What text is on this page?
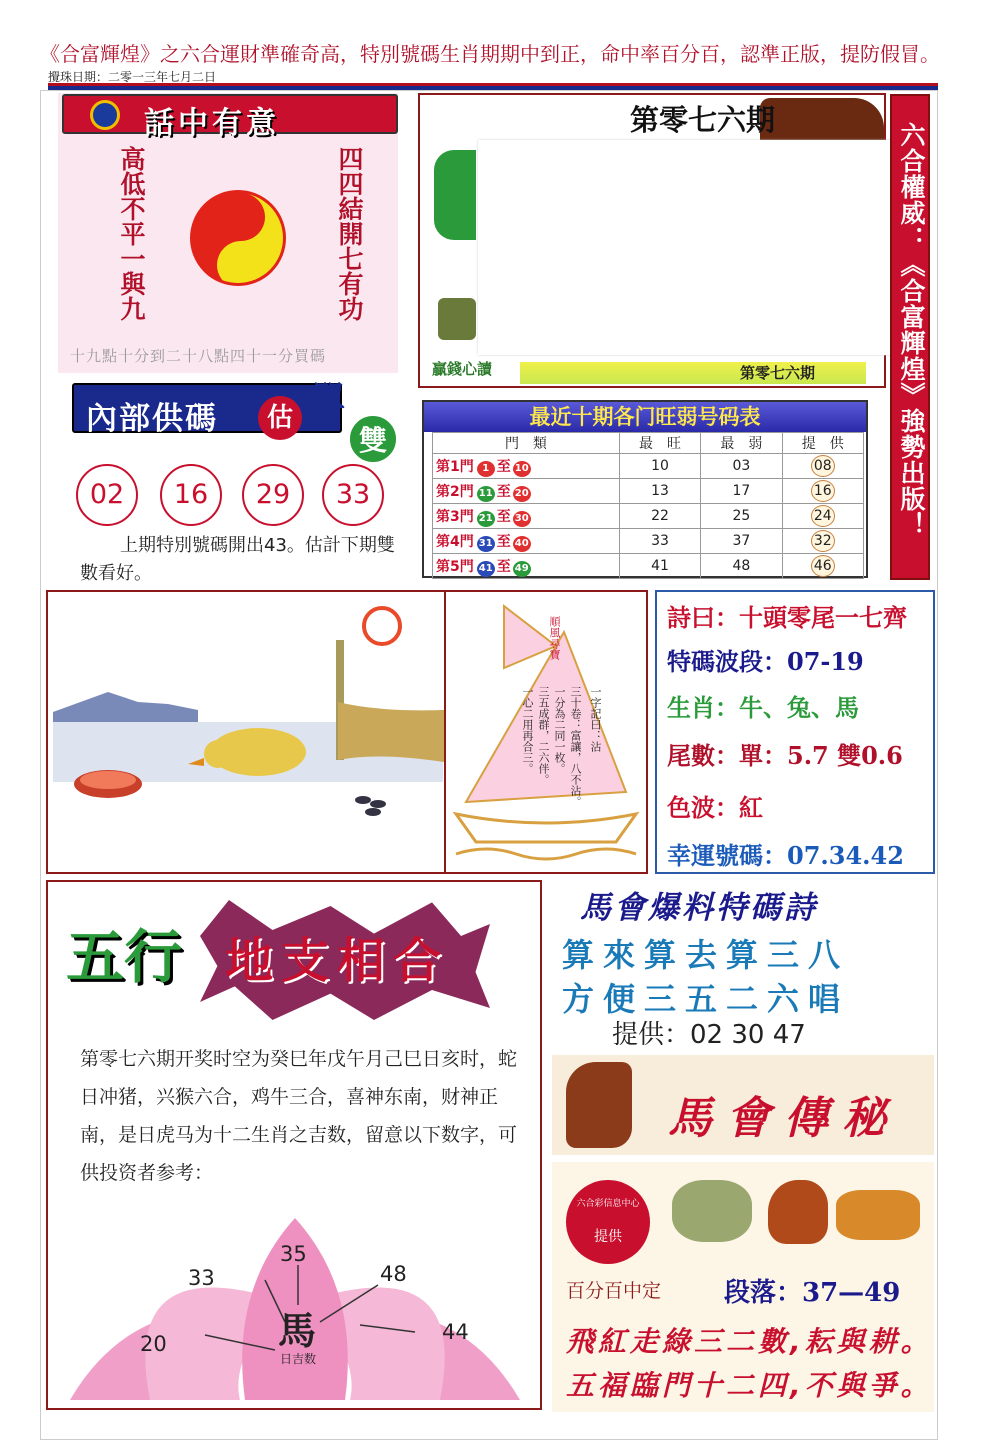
《合富輝煌》之六合運財準確奇高，特別號碼生肖期期中到正，命中率百分百，認準正版，提防假冒。
攪珠日期：二零一三年七月二日
話中有意
高低不平一與九	四四結開七有功
十九點十分到二十八點四十一分買碼
第零七六期
贏錢心讀	第零七六期	六合權威：《合富輝煌》強勢出版！
內部供碼	估 單
雙
02	16	29	33
上期特別號碼開出43。估計下期雙數看好。
最近十期各门旺弱号码表
門　類	最　旺	最　弱	提　供
第1門 1 至 10	10	03	08
第2門 11 至 20	13	17	16
第3門 21 至 30	22	25	24
第4門 31 至 40	33	37	32
第5門 41 至 49	41	48	46
順風尋寶
一字記曰：沾
三十卷：富讓，八不沾。
一分為二同一枚。
三五成群，二六伴。
一心二用再合三。

詩曰：十頭零尾一七齊

特碼波段：07-19

生肖：牛、兔、馬

尾數：單：5.7 雙0.6

色波：紅

幸運號碼：07.34.42

五行 地支相合
第零七六期开奖时空为癸巳年戊午月己巳日亥时，蛇日冲猪，兴猴六合，鸡牛三合，喜神东南，财神正南，是日虎马为十二生肖之吉数，留意以下数字，可供投资者参考：
35
33	48
20	44
馬
日吉数
馬會爆料特碼詩
算來算去算三八
方便三五二六唱
提供：02 30 47
馬會傳秘
六合彩信息中心
提供
百分百中定 段落：37—49
飛紅走綠三二數,耘與耕。
五福臨門十二四,不與爭。
